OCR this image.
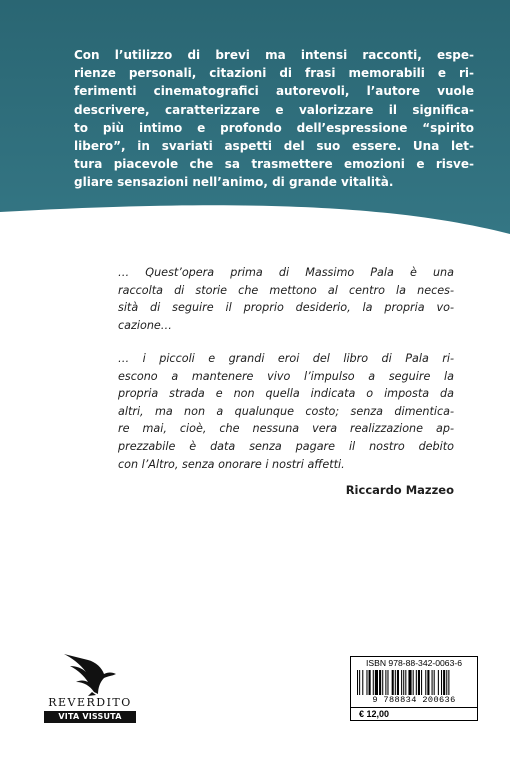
Con l’utilizzo di brevi ma intensi racconti, espe-
rienze personali, citazioni di frasi memorabili e ri-
ferimenti cinematografici autorevoli, l’autore vuole
descrivere, caratterizzare e valorizzare il significa-
to più intimo e profondo dell’espressione “spirito
libero”, in svariati aspetti del suo essere. Una let-
tura piacevole che sa trasmettere emozioni e risve-
gliare sensazioni nell’animo, di grande vitalità.

… Quest’opera prima di Massimo Pala è una
raccolta di storie che mettono al centro la neces-
sità di seguire il proprio desiderio, la propria vo-
cazione…

… i piccoli e grandi eroi del libro di Pala ri-
escono a mantenere vivo l’impulso a seguire la
propria strada e non quella indicata o imposta da
altri, ma non a qualunque costo; senza dimentica-
re mai, cioè, che nessuna vera realizzazione ap-
prezzabile è data senza pagare il nostro debito
con l’Altro, senza onorare i nostri affetti.

Riccardo Mazzeo

REVERDITO
VITA VISSUTA
ISBN 978-88-342-0063-6
9 788834 200636
€ 12,00
